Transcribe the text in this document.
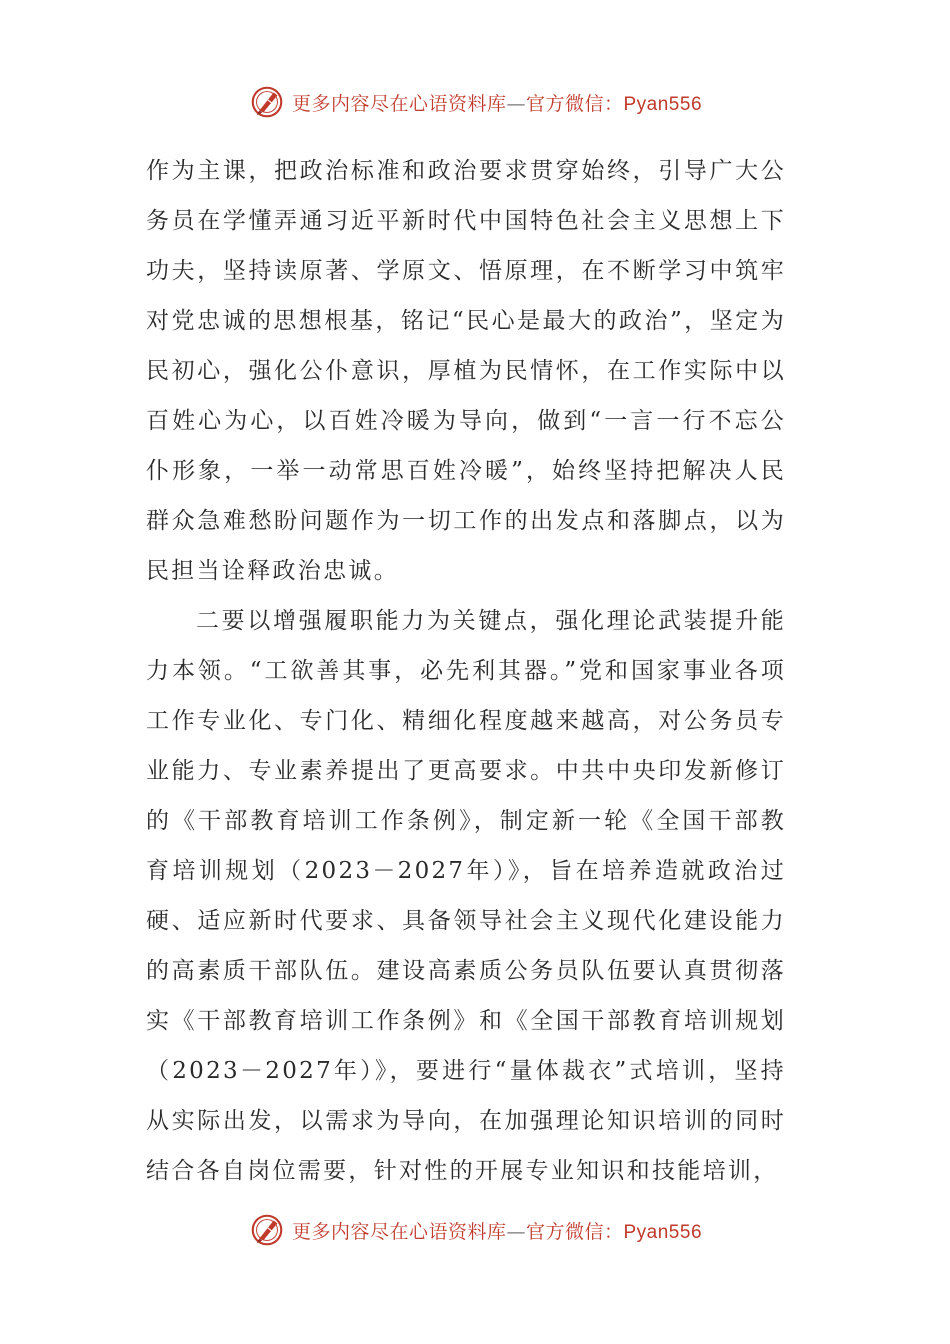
更多内容尽在心语资料库—官方微信：Pyan556

作为主课，把政治标准和政治要求贯穿始终，引导广大公务员在学懂弄通习近平新时代中国特色社会主义思想上下功夫，坚持读原著、学原文、悟原理，在不断学习中筑牢对党忠诚的思想根基，铭记“民心是最大的政治”，坚定为民初心，强化公仆意识，厚植为民情怀，在工作实际中以百姓心为心，以百姓冷暖为导向，做到“一言一行不忘公仆形象，一举一动常思百姓冷暖”，始终坚持把解决人民群众急难愁盼问题作为一切工作的出发点和落脚点，以为民担当诠释政治忠诚。

二要以增强履职能力为关键点，强化理论武装提升能力本领。“工欲善其事，必先利其器。”党和国家事业各项工作专业化、专门化、精细化程度越来越高，对公务员专业能力、专业素养提出了更高要求。中共中央印发新修订的《干部教育培训工作条例》，制定新一轮《全国干部教育培训规划（2023－2027年）》，旨在培养造就政治过硬、适应新时代要求、具备领导社会主义现代化建设能力的高素质干部队伍。建设高素质公务员队伍要认真贯彻落实《干部教育培训工作条例》和《全国干部教育培训规划（2023－2027年）》，要进行“量体裁衣”式培训，坚持从实际出发，以需求为导向，在加强理论知识培训的同时结合各自岗位需要，针对性的开展专业知识和技能培训，

更多内容尽在心语资料库—官方微信：Pyan556
